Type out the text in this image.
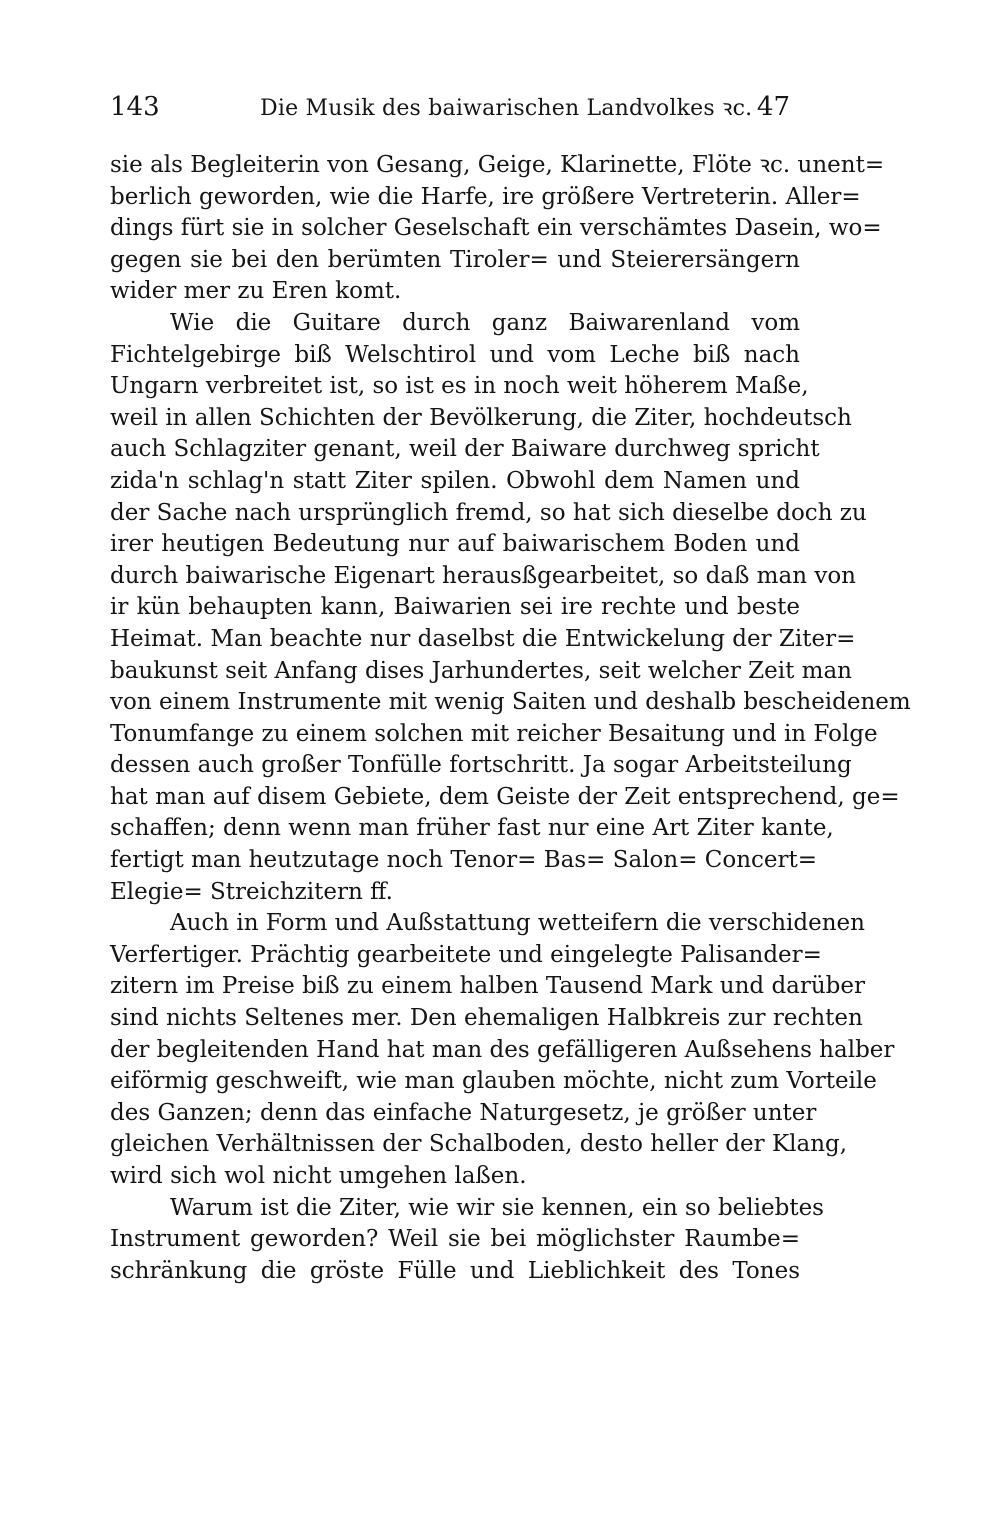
143	Die Musik des baiwarischen Landvolkes ꝛc. 47
sie als Begleiterin von Gesang, Geige, Klarinette, Flöte ꝛc. unent=
berlich geworden, wie die Harfe, ire größere Vertreterin. Aller=
dings fürt sie in solcher Geselschaft ein verschämtes Dasein, wo=
gegen sie bei den berümten Tiroler= und Steierersängern
wider mer zu Eren komt.
Wie die Guitare durch ganz Baiwarenland vom
Fichtelgebirge biß Welschtirol und vom Leche biß nach
Ungarn verbreitet ist, so ist es in noch weit höherem Maße,
weil in allen Schichten der Bevölkerung, die Ziter, hochdeutsch
auch Schlagziter genant, weil der Baiware durchweg spricht
zida'n schlag'n statt Ziter spilen. Obwohl dem Namen und
der Sache nach ursprünglich fremd, so hat sich dieselbe doch zu
irer heutigen Bedeutung nur auf baiwarischem Boden und
durch baiwarische Eigenart herausßgearbeitet, so daß man von
ir kün behaupten kann, Baiwarien sei ire rechte und beste
Heimat. Man beachte nur daselbst die Entwickelung der Ziter=
baukunst seit Anfang dises Jarhundertes, seit welcher Zeit man
von einem Instrumente mit wenig Saiten und deshalb bescheidenem
Tonumfange zu einem solchen mit reicher Besaitung und in Folge
dessen auch großer Tonfülle fortschritt. Ja sogar Arbeitsteilung
hat man auf disem Gebiete, dem Geiste der Zeit entsprechend, ge=
schaffen; denn wenn man früher fast nur eine Art Ziter kante,
fertigt man heutzutage noch Tenor= Bas= Salon= Concert=
Elegie= Streichzitern ff.
Auch in Form und Außstattung wetteifern die verschidenen
Verfertiger. Prächtig gearbeitete und eingelegte Palisander=
zitern im Preise biß zu einem halben Tausend Mark und darüber
sind nichts Seltenes mer. Den ehemaligen Halbkreis zur rechten
der begleitenden Hand hat man des gefälligeren Außsehens halber
eiförmig geschweift, wie man glauben möchte, nicht zum Vorteile
des Ganzen; denn das einfache Naturgesetz, je größer unter
gleichen Verhältnissen der Schalboden, desto heller der Klang,
wird sich wol nicht umgehen laßen.
Warum ist die Ziter, wie wir sie kennen, ein so beliebtes
Instrument geworden? Weil sie bei möglichster Raumbe=
schränkung die gröste Fülle und Lieblichkeit des Tones
